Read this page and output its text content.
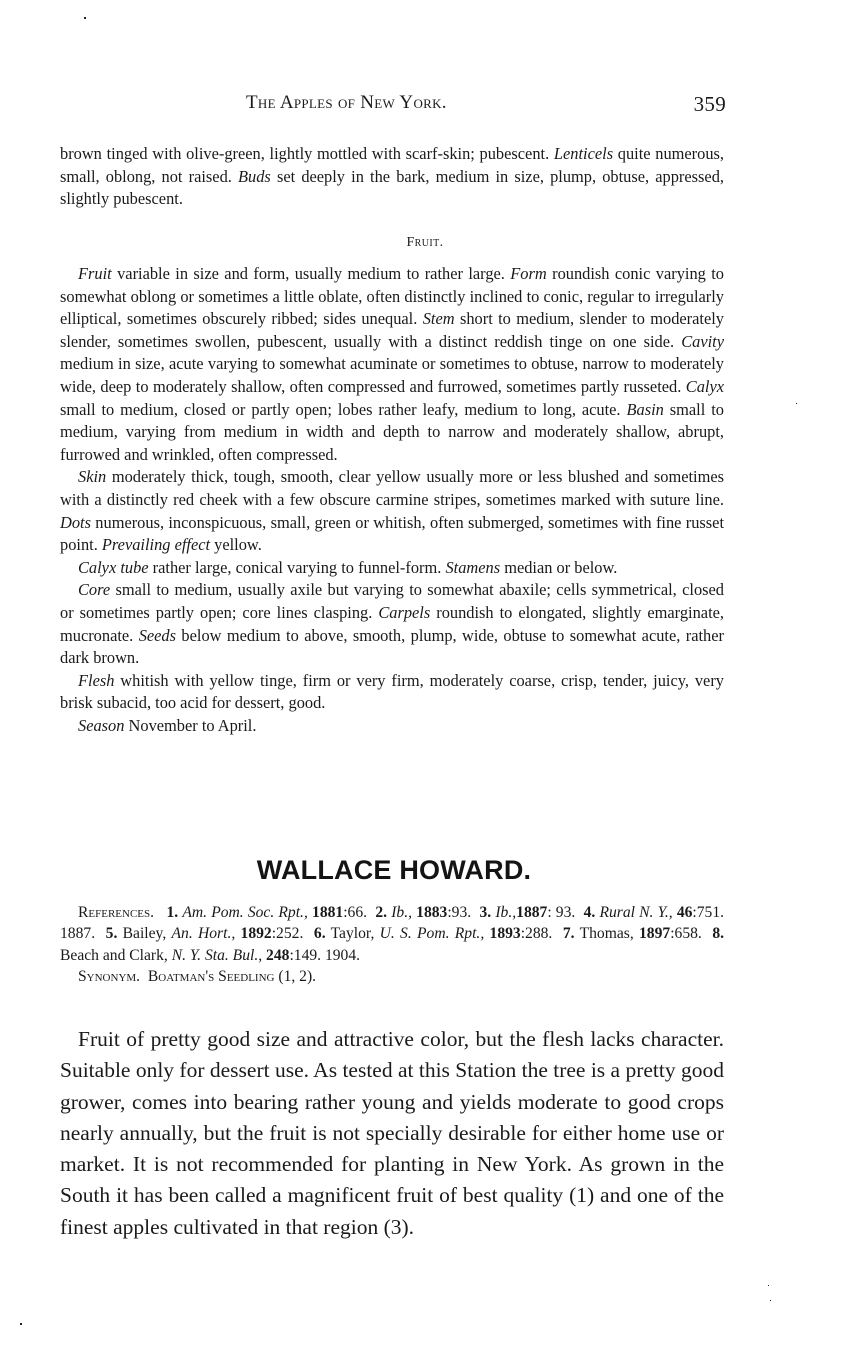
The Apples of New York.	359

brown tinged with olive-green, lightly mottled with scarf-skin; pubescent. Lenticels quite numerous, small, oblong, not raised. Buds set deeply in the bark, medium in size, plump, obtuse, appressed, slightly pubescent.

Fruit.

Fruit variable in size and form, usually medium to rather large. Form roundish conic varying to somewhat oblong or sometimes a little oblate, often distinctly inclined to conic, regular to irregularly elliptical, sometimes obscurely ribbed; sides unequal. Stem short to medium, slender to moderately slender, sometimes swollen, pubescent, usually with a distinct reddish tinge on one side. Cavity medium in size, acute varying to somewhat acuminate or sometimes to obtuse, narrow to moderately wide, deep to moderately shallow, often compressed and furrowed, sometimes partly russeted. Calyx small to medium, closed or partly open; lobes rather leafy, medium to long, acute. Basin small to medium, varying from medium in width and depth to narrow and moderately shallow, abrupt, furrowed and wrinkled, often compressed.

Skin moderately thick, tough, smooth, clear yellow usually more or less blushed and sometimes with a distinctly red cheek with a few obscure carmine stripes, sometimes marked with suture line. Dots numerous, inconspicuous, small, green or whitish, often submerged, sometimes with fine russet point. Prevailing effect yellow.

Calyx tube rather large, conical varying to funnel-form. Stamens median or below.

Core small to medium, usually axile but varying to somewhat abaxile; cells symmetrical, closed or sometimes partly open; core lines clasping. Carpels roundish to elongated, slightly emarginate, mucronate. Seeds below medium to above, smooth, plump, wide, obtuse to somewhat acute, rather dark brown.

Flesh whitish with yellow tinge, firm or very firm, moderately coarse, crisp, tender, juicy, very brisk subacid, too acid for dessert, good.

Season November to April.

WALLACE HOWARD.

References. 1. Am. Pom. Soc. Rpt., 1881:66. 2. Ib., 1883:93. 3. Ib.,1887: 93. 4. Rural N. Y., 46:751. 1887. 5. Bailey, An. Hort., 1892:252. 6. Taylor, U. S. Pom. Rpt., 1893:288. 7. Thomas, 1897:658. 8. Beach and Clark, N. Y. Sta. Bul., 248:149. 1904.

Synonym. Boatman's Seedling (1, 2).

Fruit of pretty good size and attractive color, but the flesh lacks character. Suitable only for dessert use. As tested at this Station the tree is a pretty good grower, comes into bearing rather young and yields moderate to good crops nearly annually, but the fruit is not specially desirable for either home use or market. It is not recommended for planting in New York. As grown in the South it has been called a magnificent fruit of best quality (1) and one of the finest apples cultivated in that region (3).
